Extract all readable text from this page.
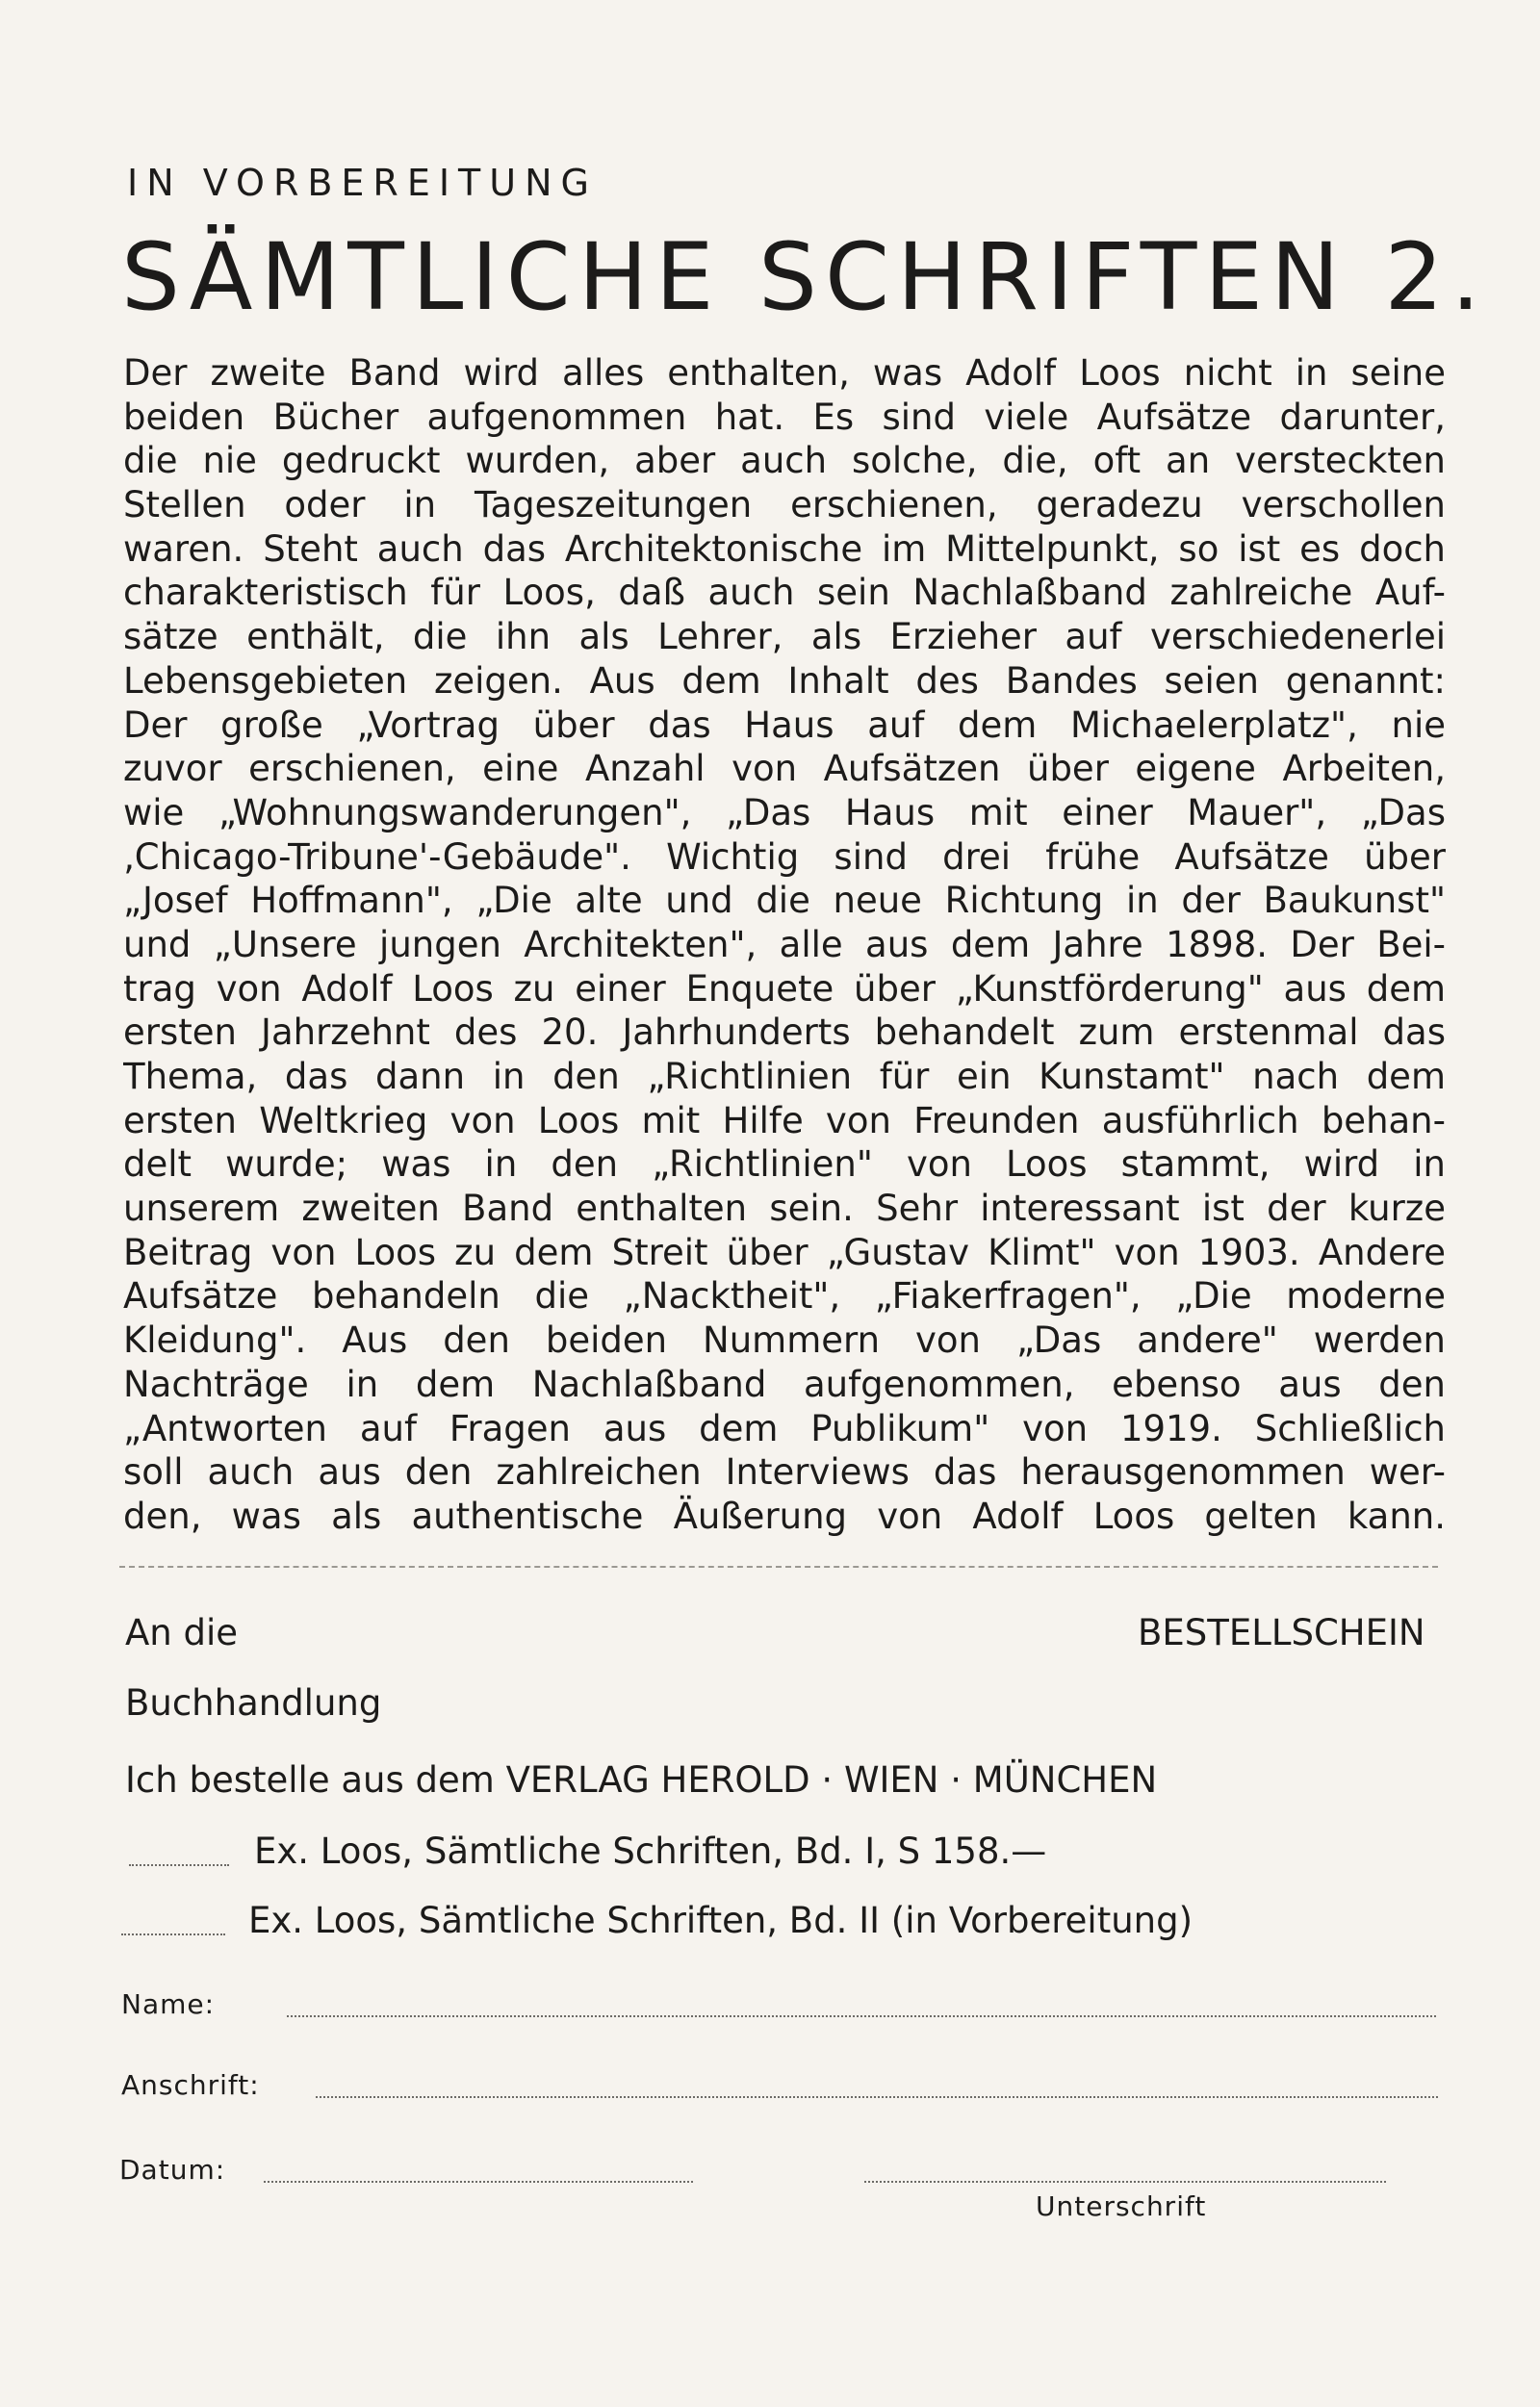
IN VORBEREITUNG
SÄMTLICHE SCHRIFTEN 2.
Der zweite Band wird alles enthalten, was Adolf Loos nicht in seine
beiden Bücher aufgenommen hat. Es sind viele Aufsätze darunter,
die nie gedruckt wurden, aber auch solche, die, oft an versteckten
Stellen oder in Tageszeitungen erschienen, geradezu verschollen
waren. Steht auch das Architektonische im Mittelpunkt, so ist es doch
charakteristisch für Loos, daß auch sein Nachlaßband zahlreiche Auf-
sätze enthält, die ihn als Lehrer, als Erzieher auf verschiedenerlei
Lebensgebieten zeigen. Aus dem Inhalt des Bandes seien genannt:
Der große „Vortrag über das Haus auf dem Michaelerplatz", nie
zuvor erschienen, eine Anzahl von Aufsätzen über eigene Arbeiten,
wie „Wohnungswanderungen", „Das Haus mit einer Mauer", „Das
‚Chicago-Tribune'-Gebäude". Wichtig sind drei frühe Aufsätze über
„Josef Hoffmann", „Die alte und die neue Richtung in der Baukunst"
und „Unsere jungen Architekten", alle aus dem Jahre 1898. Der Bei-
trag von Adolf Loos zu einer Enquete über „Kunstförderung" aus dem
ersten Jahrzehnt des 20. Jahrhunderts behandelt zum erstenmal das
Thema, das dann in den „Richtlinien für ein Kunstamt" nach dem
ersten Weltkrieg von Loos mit Hilfe von Freunden ausführlich behan-
delt wurde; was in den „Richtlinien" von Loos stammt, wird in
unserem zweiten Band enthalten sein. Sehr interessant ist der kurze
Beitrag von Loos zu dem Streit über „Gustav Klimt" von 1903. Andere
Aufsätze behandeln die „Nacktheit", „Fiakerfragen", „Die moderne
Kleidung". Aus den beiden Nummern von „Das andere" werden
Nachträge in dem Nachlaßband aufgenommen, ebenso aus den
„Antworten auf Fragen aus dem Publikum" von 1919. Schließlich
soll auch aus den zahlreichen Interviews das herausgenommen wer-
den, was als authentische Äußerung von Adolf Loos gelten kann.
An die	BESTELLSCHEIN
Buchhandlung
Ich bestelle aus dem VERLAG HEROLD · WIEN · MÜNCHEN
Ex. Loos, Sämtliche Schriften, Bd. I, S 158.—
Ex. Loos, Sämtliche Schriften, Bd. II (in Vorbereitung)
Name:
Anschrift:
Datum:
Unterschrift
